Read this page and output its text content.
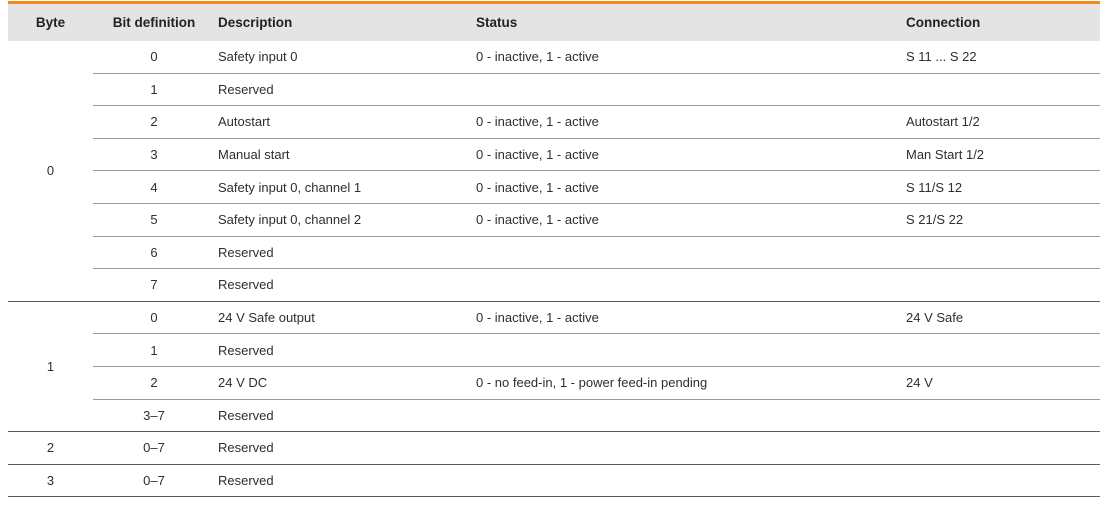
Byte	Bit definition	Description	Status	Connection
0	0	Safety input 0	0 - inactive, 1 - active	S 11 ... S 22
	1	Reserved		
	2	Autostart	0 - inactive, 1 - active	Autostart 1/2
	3	Manual start	0 - inactive, 1 - active	Man Start 1/2
	4	Safety input 0, channel 1	0 - inactive, 1 - active	S 11/S 12
	5	Safety input 0, channel 2	0 - inactive, 1 - active	S 21/S 22
	6	Reserved		
	7	Reserved		
1	0	24 V Safe output	0 - inactive, 1 - active	24 V Safe
	1	Reserved		
	2	24 V DC	0 - no feed-in, 1 - power feed-in pending	24 V
	3–7	Reserved		
2	0–7	Reserved		
3	0–7	Reserved		
